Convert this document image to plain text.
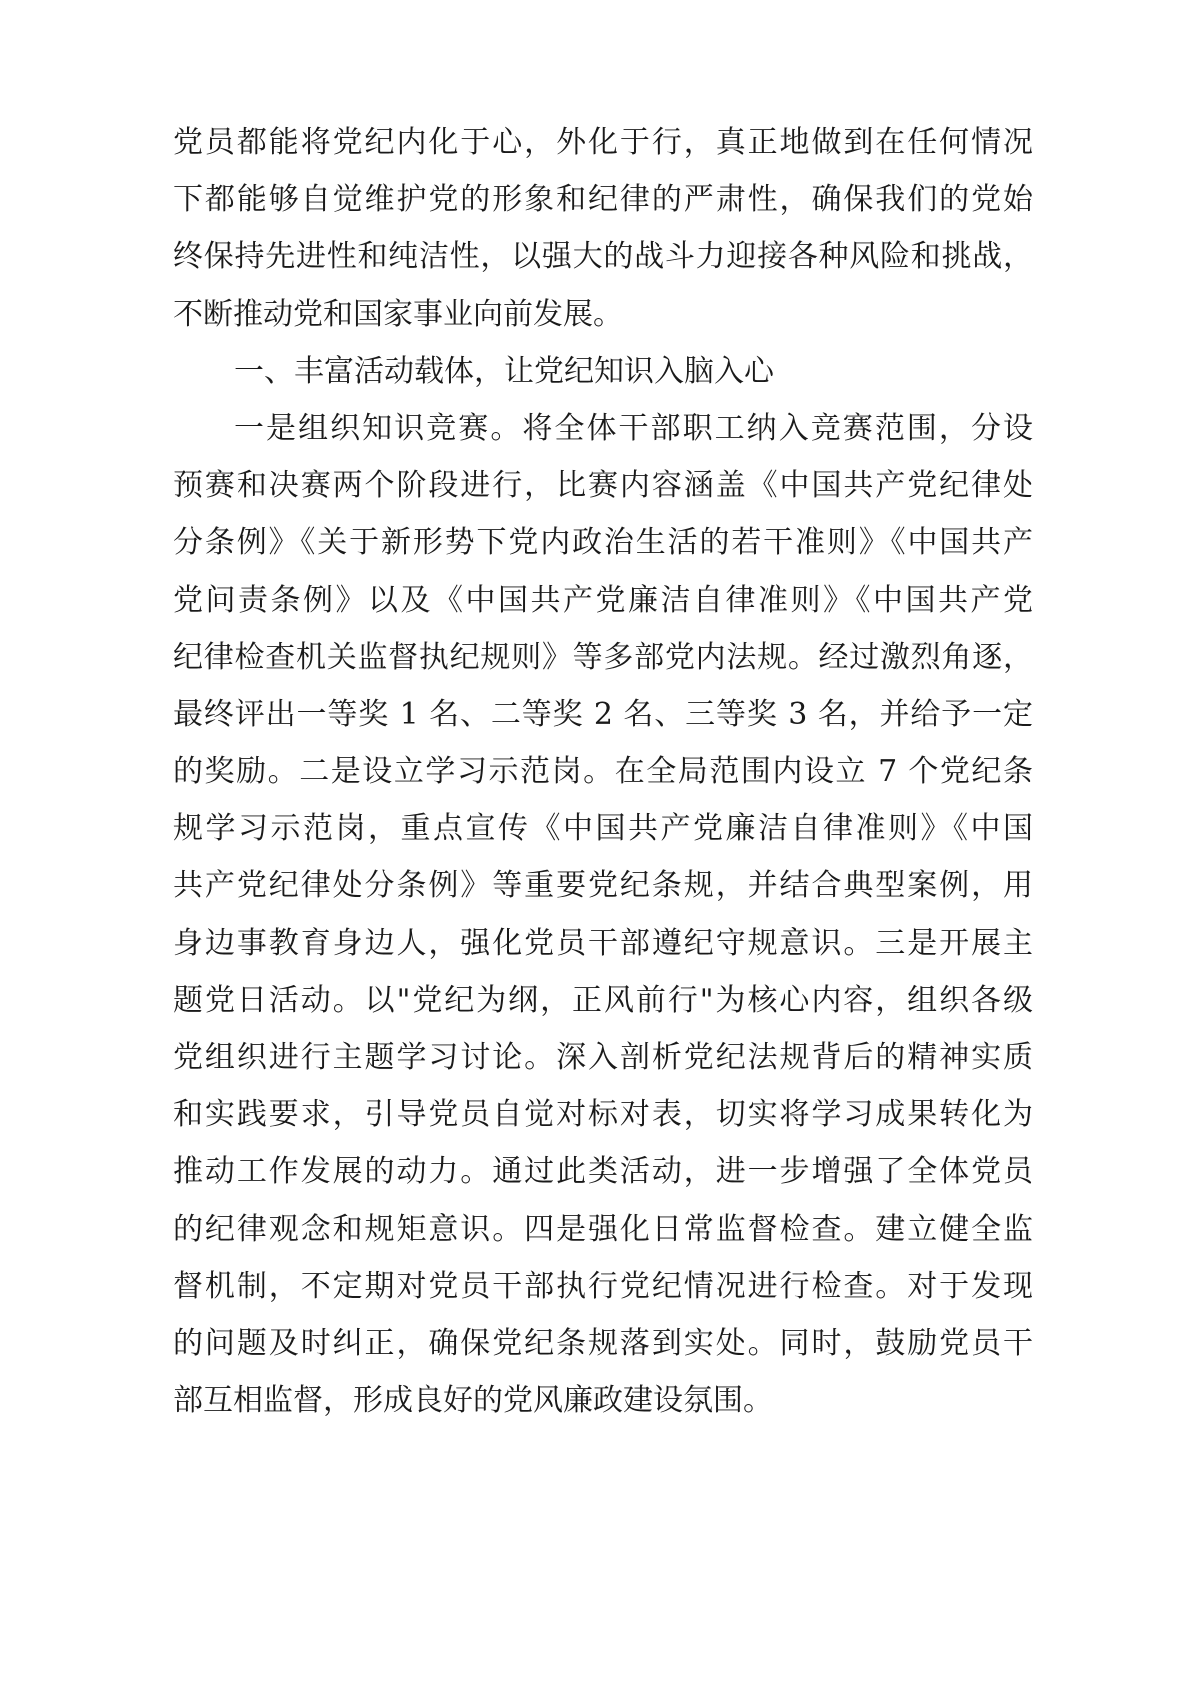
党员都能将党纪内化于心，外化于行，真正地做到在任何情况
下都能够自觉维护党的形象和纪律的严肃性，确保我们的党始
终保持先进性和纯洁性，以强大的战斗力迎接各种风险和挑战，
不断推动党和国家事业向前发展。
一、丰富活动载体，让党纪知识入脑入心
一是组织知识竞赛。将全体干部职工纳入竞赛范围，分设
预赛和决赛两个阶段进行，比赛内容涵盖《中国共产党纪律处
分条例》《关于新形势下党内政治生活的若干准则》《中国共产
党问责条例》以及《中国共产党廉洁自律准则》《中国共产党
纪律检查机关监督执纪规则》等多部党内法规。经过激烈角逐，
最终评出一等奖 1 名、二等奖 2 名、三等奖 3 名，并给予一定
的奖励。二是设立学习示范岗。在全局范围内设立 7 个党纪条
规学习示范岗，重点宣传《中国共产党廉洁自律准则》《中国
共产党纪律处分条例》等重要党纪条规，并结合典型案例，用
身边事教育身边人，强化党员干部遵纪守规意识。三是开展主
题党日活动。以"党纪为纲，正风前行"为核心内容，组织各级
党组织进行主题学习讨论。深入剖析党纪法规背后的精神实质
和实践要求，引导党员自觉对标对表，切实将学习成果转化为
推动工作发展的动力。通过此类活动，进一步增强了全体党员
的纪律观念和规矩意识。四是强化日常监督检查。建立健全监
督机制，不定期对党员干部执行党纪情况进行检查。对于发现
的问题及时纠正，确保党纪条规落到实处。同时，鼓励党员干
部互相监督，形成良好的党风廉政建设氛围。
